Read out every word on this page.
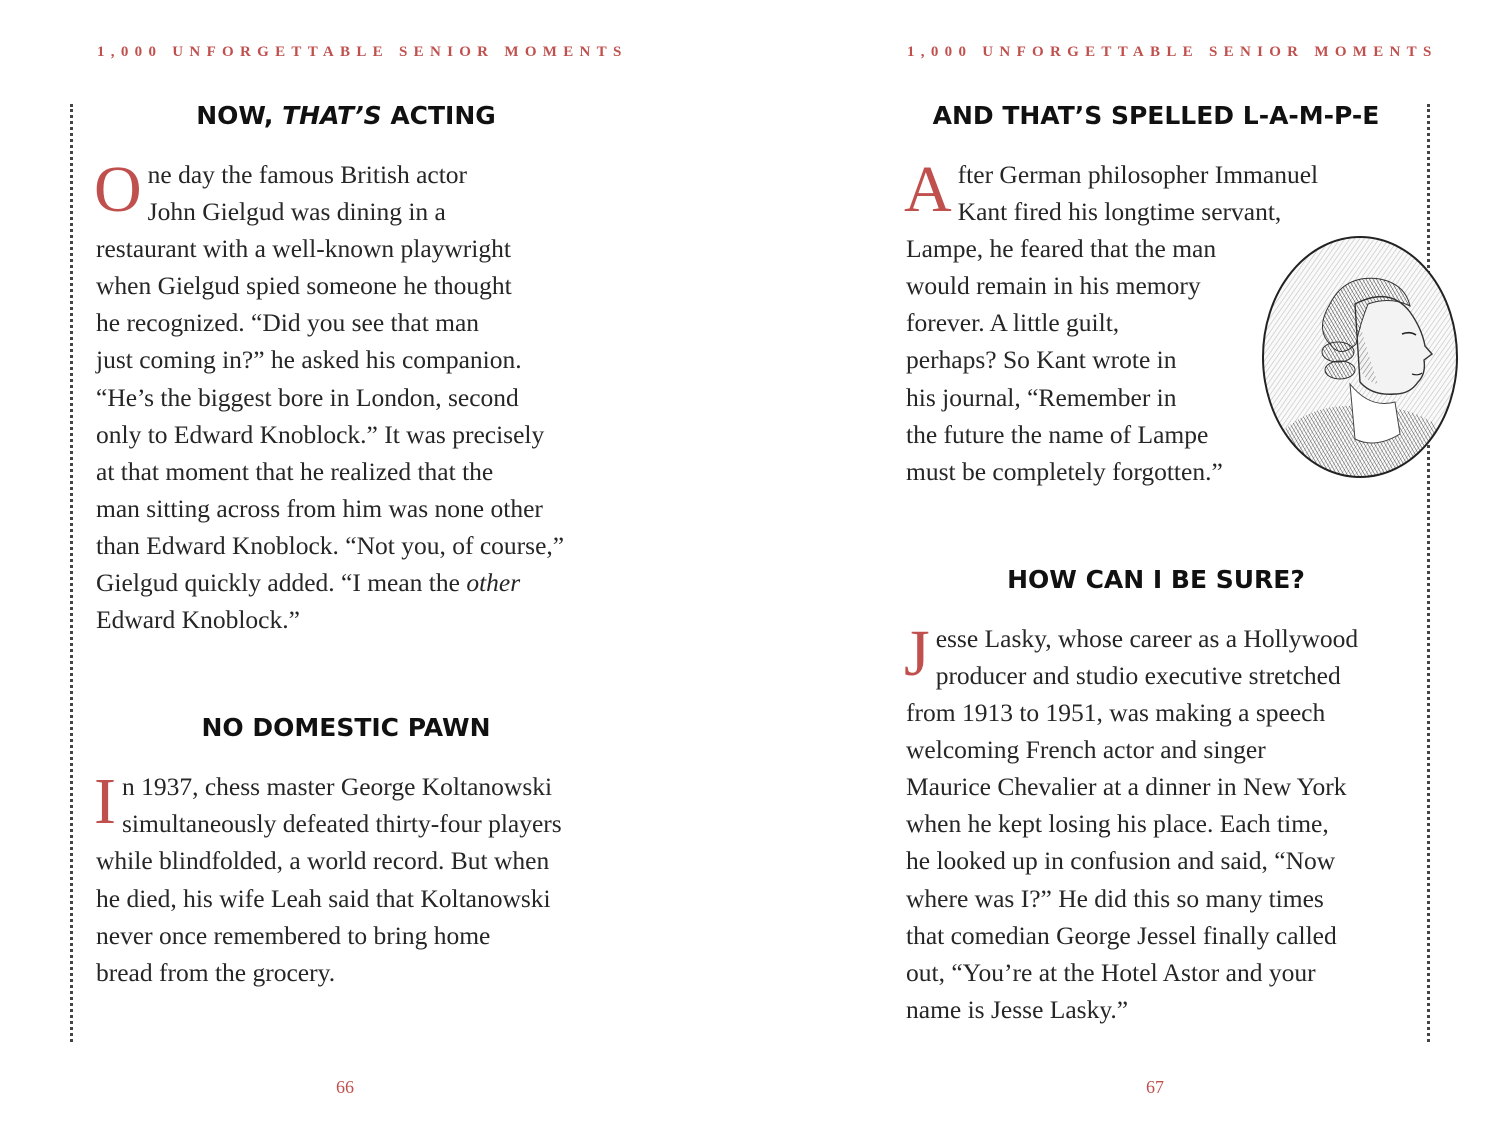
1,000 UNFORGETTABLE SENIOR MOMENTS
NOW, THAT’S ACTING
O ne day the famous British actor
John Gielgud was dining in a
restaurant with a well-known playwright
when Gielgud spied someone he thought
he recognized. “Did you see that man
just coming in?” he asked his companion.
“He’s the biggest bore in London, second
only to Edward Knoblock.” It was precisely
at that moment that he realized that the
man sitting across from him was none other
than Edward Knoblock. “Not you, of course,”
Gielgud quickly added. “I mean the other
Edward Knoblock.”
NO DOMESTIC PAWN
I n 1937, chess master George Koltanowski
simultaneously defeated thirty-four players
while blindfolded, a world record. But when
he died, his wife Leah said that Koltanowski
never once remembered to bring home
bread from the grocery.
66
1,000 UNFORGETTABLE SENIOR MOMENTS
AND THAT’S SPELLED L-A-M-P-E
A fter German philosopher Immanuel
Kant fired his longtime servant,
Lampe, he feared that the man
would remain in his memory
forever. A little guilt,
perhaps? So Kant wrote in
his journal, “Remember in
the future the name of Lampe
must be completely forgotten.”
HOW CAN I BE SURE?
J esse Lasky, whose career as a Hollywood
producer and studio executive stretched
from 1913 to 1951, was making a speech
welcoming French actor and singer
Maurice Chevalier at a dinner in New York
when he kept losing his place. Each time,
he looked up in confusion and said, “Now
where was I?” He did this so many times
that comedian George Jessel finally called
out, “You’re at the Hotel Astor and your
name is Jesse Lasky.”
67
